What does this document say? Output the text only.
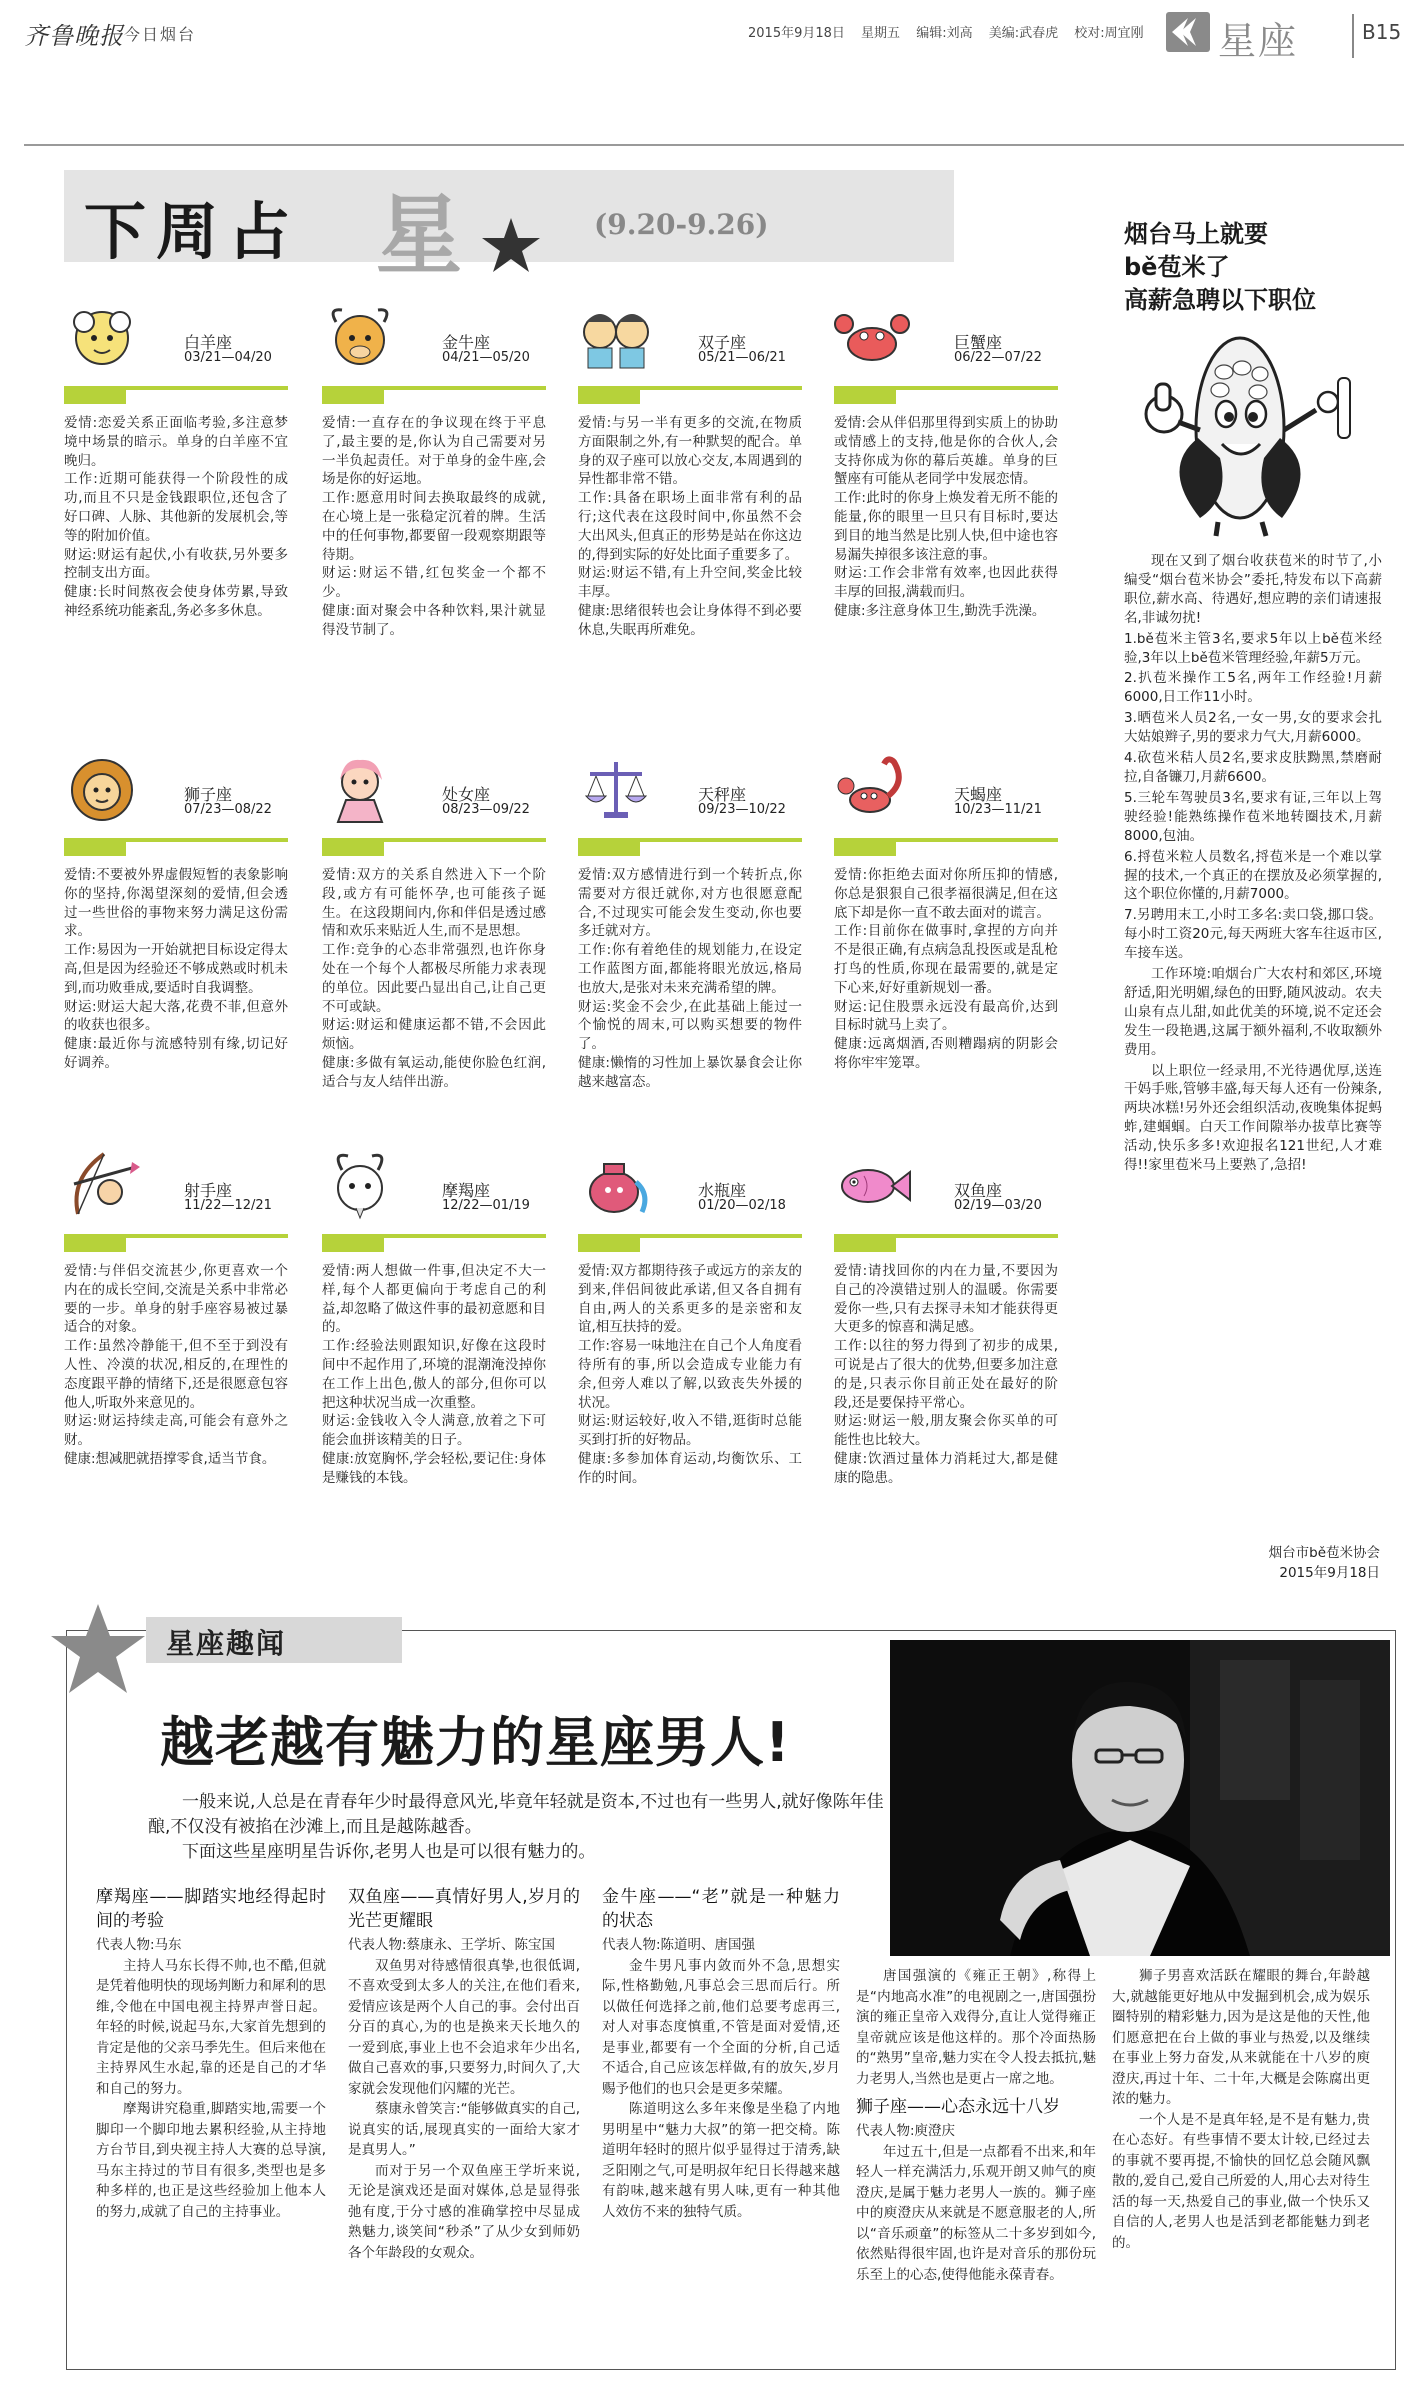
齐鲁晚报 今日烟台	2015年9月18日 星期五 编辑:刘高 美编:武春虎 校对:周宜刚	星座	B15
下周占 星	(9.20-9.26)
白羊座
03/21—04/20

爱情:恋爱关系正面临考验,多注意梦境中场景的暗示。单身的白羊座不宜晚归。

工作:近期可能获得一个阶段性的成功,而且不只是金钱跟职位,还包含了好口碑、人脉、其他新的发展机会,等等的附加价值。

财运:财运有起伏,小有收获,另外要多控制支出方面。

健康:长时间熬夜会使身体劳累,导致神经系统功能紊乱,务必多多休息。

金牛座
04/21—05/20

爱情:一直存在的争议现在终于平息了,最主要的是,你认为自己需要对另一半负起责任。对于单身的金牛座,会场是你的好运地。

工作:愿意用时间去换取最终的成就,在心境上是一张稳定沉着的牌。生活中的任何事物,都要留一段观察期跟等待期。

财运:财运不错,红包奖金一个都不少。

健康:面对聚会中各种饮料,果汁就显得没节制了。

双子座
05/21—06/21

爱情:与另一半有更多的交流,在物质方面限制之外,有一种默契的配合。单身的双子座可以放心交友,本周遇到的异性都非常不错。

工作:具备在职场上面非常有利的品行;这代表在这段时间中,你虽然不会大出风头,但真正的形势是站在你这边的,得到实际的好处比面子重要多了。

财运:财运不错,有上升空间,奖金比较丰厚。

健康:思绪很转也会让身体得不到必要休息,失眠再所难免。

巨蟹座
06/22—07/22

爱情:会从伴侣那里得到实质上的协助或情感上的支持,他是你的合伙人,会支持你成为你的幕后英雄。单身的巨蟹座有可能从老同学中发展恋情。

工作:此时的你身上焕发着无所不能的能量,你的眼里一旦只有目标时,要达到目的地当然是比别人快,但中途也容易漏失掉很多该注意的事。

财运:工作会非常有效率,也因此获得丰厚的回报,满载而归。

健康:多注意身体卫生,勤洗手洗澡。

狮子座
07/23—08/22

爱情:不要被外界虚假短暂的表象影响你的坚持,你渴望深刻的爱情,但会透过一些世俗的事物来努力满足这份需求。

工作:易因为一开始就把目标设定得太高,但是因为经验还不够成熟或时机未到,而功败垂成,要适时自我调整。

财运:财运大起大落,花费不菲,但意外的收获也很多。

健康:最近你与流感特别有缘,切记好好调养。

处女座
08/23—09/22

爱情:双方的关系自然进入下一个阶段,或方有可能怀孕,也可能孩子诞生。在这段期间内,你和伴侣是透过感情和欢乐来贴近人生,而不是思想。

工作:竞争的心态非常强烈,也许你身处在一个每个人都极尽所能力求表现的单位。因此要凸显出自己,让自己更不可或缺。

财运:财运和健康运都不错,不会因此烦恼。

健康:多做有氧运动,能使你脸色红润,适合与友人结伴出游。

天秤座
09/23—10/22

爱情:双方感情进行到一个转折点,你需要对方很迁就你,对方也很愿意配合,不过现实可能会发生变动,你也要多迁就对方。

工作:你有着绝佳的规划能力,在设定工作蓝图方面,都能将眼光放远,格局也放大,是张对未来充满希望的牌。

财运:奖金不会少,在此基础上能过一个愉悦的周末,可以购买想要的物件了。

健康:懒惰的习性加上暴饮暴食会让你越来越富态。

天蝎座
10/23—11/21

爱情:你拒绝去面对你所压抑的情感,你总是狠狠自己很孝福很满足,但在这底下却是你一直不敢去面对的谎言。

工作:目前你在做事时,拿捏的方向并不是很正确,有点病急乱投医或是乱枪打鸟的性质,你现在最需要的,就是定下心来,好好重新规划一番。

财运:记住股票永远没有最高价,达到目标时就马上卖了。

健康:远离烟酒,否则糟蹋病的阴影会将你牢牢笼罩。

射手座
11/22—12/21

爱情:与伴侣交流甚少,你更喜欢一个内在的成长空间,交流是关系中非常必要的一步。单身的射手座容易被过暴适合的对象。

工作:虽然冷静能干,但不至于到没有人性、冷漠的状况,相反的,在理性的态度跟平静的情绪下,还是很愿意包容他人,听取外来意见的。

财运:财运持续走高,可能会有意外之财。

健康:想减肥就捂撑零食,适当节食。

摩羯座
12/22—01/19

爱情:两人想做一件事,但决定不大一样,每个人都更偏向于考虑自己的利益,却忽略了做这件事的最初意愿和目的。

工作:经验法则跟知识,好像在这段时间中不起作用了,环境的混潮淹没掉你在工作上出色,傲人的部分,但你可以把这种状况当成一次重整。

财运:金钱收入令人满意,放着之下可能会血拼该精美的日子。

健康:放宽胸怀,学会轻松,要记住:身体是赚钱的本钱。

水瓶座
01/20—02/18

爱情:双方都期待孩子或远方的亲友的到来,伴侣间彼此承诺,但又各自拥有自由,两人的关系更多的是亲密和友谊,相互扶持的爱。

工作:容易一味地注在自己个人角度看待所有的事,所以会造成专业能力有余,但旁人难以了解,以致丧失外援的状况。

财运:财运较好,收入不错,逛街时总能买到打折的好物品。

健康:多参加体育运动,均衡饮乐、工作的时间。

双鱼座
02/19—03/20

爱情:请找回你的内在力量,不要因为自己的冷漠错过别人的温暖。你需要爱你一些,只有去探寻未知才能获得更大更多的惊喜和满足感。

工作:以往的努力得到了初步的成果,可说是占了很大的优势,但要多加注意的是,只表示你目前正处在最好的阶段,还是要保持平常心。

财运:财运一般,朋友聚会你买单的可能性也比较大。

健康:饮酒过量体力消耗过大,都是健康的隐患。

烟台马上就要
bě苞米了
高薪急聘以下职位

现在又到了烟台收获苞米的时节了,小编受“烟台苞米协会”委托,特发布以下高薪职位,薪水高、待遇好,想应聘的亲们请速报名,非诚勿扰!

1.bě苞米主管3名,要求5年以上bě苞米经验,3年以上bě苞米管理经验,年薪5万元。

2.扒苞米操作工5名,两年工作经验!月薪6000,日工作11小时。

3.晒苞米人员2名,一女一男,女的要求会扎大姑娘辫子,男的要求力气大,月薪6000。

4.砍苞米秸人员2名,要求皮肤黝黑,禁磨耐拉,自备镰刀,月薪6600。

5.三轮车驾驶员3名,要求有证,三年以上驾驶经验!能熟练操作苞米地转圈技术,月薪8000,包油。

6.捋苞米粒人员数名,捋苞米是一个难以掌握的技术,一个真正的在摆放及必须掌握的,这个职位你懂的,月薪7000。

7.另聘用末工,小时工多名:卖口袋,挪口袋。每小时工资20元,每天两班大客车往返市区,车接车送。

工作环境:咱烟台广大农村和郊区,环境舒适,阳光明媚,绿色的田野,随风波动。农夫山泉有点儿甜,如此优美的环境,说不定还会发生一段艳遇,这属于额外福利,不收取额外费用。

以上职位一经录用,不光待遇优厚,送连干妈手账,管够丰盛,每天每人还有一份辣条,两块冰糕!另外还会组织活动,夜晚集体捉蚂蚱,建蝈蝈。白天工作间隙举办拔草比赛等活动,快乐多多!欢迎报名121世纪,人才难得!!家里苞米马上要熟了,急招!

烟台市bě苞米协会
2015年9月18日
星座趣闻
越老越有魅力的星座男人!

一般来说,人总是在青春年少时最得意风光,毕竟年轻就是资本,不过也有一些男人,就好像陈年佳酿,不仅没有被掐在沙滩上,而且是越陈越香。

下面这些星座明星告诉你,老男人也是可以很有魅力的。

摩羯座——脚踏实地经得起时间的考验
代表人物:马东

主持人马东长得不帅,也不酷,但就是凭着他明快的现场判断力和犀利的思维,令他在中国电视主持界声誉日起。年轻的时候,说起马东,大家首先想到的肯定是他的父亲马季先生。但后来他在主持界风生水起,靠的还是自己的才华和自己的努力。

摩羯讲究稳重,脚踏实地,需要一个脚印一个脚印地去累积经验,从主持地方台节目,到央视主持人大赛的总导演,马东主持过的节目有很多,类型也是多种多样的,也正是这些经验加上他本人的努力,成就了自己的主持事业。

双鱼座——真情好男人,岁月的光芒更耀眼
代表人物:蔡康永、王学圻、陈宝国

双鱼男对待感情很真挚,也很低调,不喜欢受到太多人的关注,在他们看来,爱情应该是两个人自己的事。会付出百分百的真心,为的也是换来天长地久的一爱到底,事业上也不会追求年少出名,做自己喜欢的事,只要努力,时间久了,大家就会发现他们闪耀的光芒。

蔡康永曾笑言:“能够做真实的自己,说真实的话,展现真实的一面给大家才是真男人。”

而对于另一个双鱼座王学圻来说,无论是演戏还是面对媒体,总是显得张弛有度,于分寸感的准确掌控中尽显成熟魅力,谈笑间“秒杀”了从少女到师奶各个年龄段的女观众。

金牛座——“老”就是一种魅力的状态
代表人物:陈道明、唐国强

金牛男凡事内敛而外不急,思想实际,性格勤勉,凡事总会三思而后行。所以做任何选择之前,他们总要考虑再三,对人对事态度慎重,不管是面对爱情,还是事业,都要有一个全面的分析,自己适不适合,自己应该怎样做,有的放矢,岁月赐予他们的也只会是更多荣耀。

陈道明这么多年来像是坐稳了内地男明星中“魅力大叔”的第一把交椅。陈道明年轻时的照片似乎显得过于清秀,缺乏阳刚之气,可是明叔年纪日长得越来越有韵味,越来越有男人味,更有一种其他人效仿不来的独特气质。

唐国强演的《雍正王朝》,称得上是“内地高水准”的电视剧之一,唐国强扮演的雍正皇帝入戏得分,直让人觉得雍正皇帝就应该是他这样的。那个冷面热肠的“熟男”皇帝,魅力实在令人投去抵抗,魅力老男人,当然也是更占一席之地。

狮子座——心态永远十八岁
代表人物:庾澄庆

年过五十,但是一点都看不出来,和年轻人一样充满活力,乐观开朗又帅气的庾澄庆,是属于魅力老男人一族的。狮子座中的庾澄庆从来就是不愿意服老的人,所以“音乐顽童”的标签从二十多岁到如今,依然贴得很牢固,也许是对音乐的那份玩乐至上的心态,使得他能永葆青春。

狮子男喜欢活跃在耀眼的舞台,年龄越大,就越能更好地从中发掘到机会,成为娱乐圈特别的精彩魅力,因为是这是他的天性,他们愿意把在台上做的事业与热爱,以及继续在事业上努力奋发,从来就能在十八岁的庾澄庆,再过十年、二十年,大概是会陈腐出更浓的魅力。

一个人是不是真年轻,是不是有魅力,贵在心态好。有些事情不要太计较,已经过去的事就不要再提,不愉快的回忆总会随风飘散的,爱自己,爱自己所爱的人,用心去对待生活的每一天,热爱自己的事业,做一个快乐又自信的人,老男人也是活到老都能魅力到老的。
